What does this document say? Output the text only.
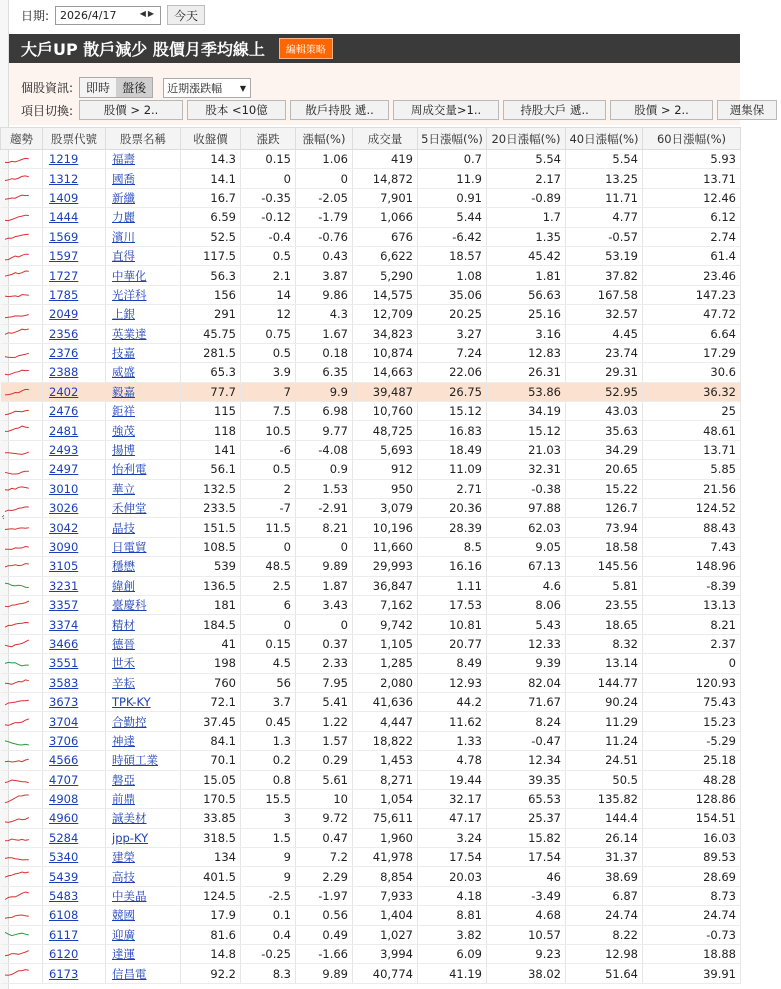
‹
日期: 2026/4/17	◀▶	今天
大戶UP 散戶減少 股價月季均線上	編輯策略
個股資訊:	即時	盤後	近期漲跌幅 ▼
項目切換:	股價 > 2..	股本 <10億	散戶持股 遞..	周成交量>1..	持股大戶 遞..	股價 > 2..	週集保
趨勢	股票代號	股票名稱	收盤價	漲跌	漲幅(%)	成交量	5日漲幅(%)	20日漲幅(%)	40日漲幅(%)	60日漲幅(%)

	1219	福壽	14.3	0.15	1.06	419	0.7	5.54	5.54	5.93

	1312	國喬	14.1	0	0	14,872	11.9	2.17	13.25	13.71

	1409	新纖	16.7	-0.35	-2.05	7,901	0.91	-0.89	11.71	12.46

	1444	力麗	6.59	-0.12	-1.79	1,066	5.44	1.7	4.77	6.12

	1569	濱川	52.5	-0.4	-0.76	676	-6.42	1.35	-0.57	2.74

	1597	直得	117.5	0.5	0.43	6,622	18.57	45.42	53.19	61.4

	1727	中華化	56.3	2.1	3.87	5,290	1.08	1.81	37.82	23.46

	1785	光洋科	156	14	9.86	14,575	35.06	56.63	167.58	147.23

	2049	上銀	291	12	4.3	12,709	20.25	25.16	32.57	47.72

	2356	英業達	45.75	0.75	1.67	34,823	3.27	3.16	4.45	6.64

	2376	技嘉	281.5	0.5	0.18	10,874	7.24	12.83	23.74	17.29

	2388	威盛	65.3	3.9	6.35	14,663	22.06	26.31	29.31	30.6

	2402	毅嘉	77.7	7	9.9	39,487	26.75	53.86	52.95	36.32

	2476	鉅祥	115	7.5	6.98	10,760	15.12	34.19	43.03	25

	2481	強茂	118	10.5	9.77	48,725	16.83	15.12	35.63	48.61

	2493	揚博	141	-6	-4.08	5,693	18.49	21.03	34.29	13.71

	2497	怡利電	56.1	0.5	0.9	912	11.09	32.31	20.65	5.85

	3010	華立	132.5	2	1.53	950	2.71	-0.38	15.22	21.56

	3026	禾伸堂	233.5	-7	-2.91	3,079	20.36	97.88	126.7	124.52

	3042	晶技	151.5	11.5	8.21	10,196	28.39	62.03	73.94	88.43

	3090	日電貿	108.5	0	0	11,660	8.5	9.05	18.58	7.43

	3105	穩懋	539	48.5	9.89	29,993	16.16	67.13	145.56	148.96

	3231	緯創	136.5	2.5	1.87	36,847	1.11	4.6	5.81	-8.39

	3357	臺慶科	181	6	3.43	7,162	17.53	8.06	23.55	13.13

	3374	精材	184.5	0	0	9,742	10.81	5.43	18.65	8.21

	3466	德晉	41	0.15	0.37	1,105	20.77	12.33	8.32	2.37

	3551	世禾	198	4.5	2.33	1,285	8.49	9.39	13.14	0

	3583	辛耘	760	56	7.95	2,080	12.93	82.04	144.77	120.93

	3673	TPK-KY	72.1	3.7	5.41	41,636	44.2	71.67	90.24	75.43

	3704	合勤控	37.45	0.45	1.22	4,447	11.62	8.24	11.29	15.23

	3706	神達	84.1	1.3	1.57	18,822	1.33	-0.47	11.24	-5.29

	4566	時碩工業	70.1	0.2	0.29	1,453	4.78	12.34	24.51	25.18

	4707	磐亞	15.05	0.8	5.61	8,271	19.44	39.35	50.5	48.28

	4908	前鼎	170.5	15.5	10	1,054	32.17	65.53	135.82	128.86

	4960	誠美材	33.85	3	9.72	75,611	47.17	25.37	144.4	154.51

	5284	jpp-KY	318.5	1.5	0.47	1,960	3.24	15.82	26.14	16.03

	5340	建榮	134	9	7.2	41,978	17.54	17.54	31.37	89.53

	5439	高技	401.5	9	2.29	8,854	20.03	46	38.69	28.69

	5483	中美晶	124.5	-2.5	-1.97	7,933	4.18	-3.49	6.87	8.73

	6108	競國	17.9	0.1	0.56	1,404	8.81	4.68	24.74	24.74

	6117	迎廣	81.6	0.4	0.49	1,027	3.82	10.57	8.22	-0.73

	6120	達運	14.8	-0.25	-1.66	3,994	6.09	9.23	12.98	18.88

	6173	信昌電	92.2	8.3	9.89	40,774	41.19	38.02	51.64	39.91
